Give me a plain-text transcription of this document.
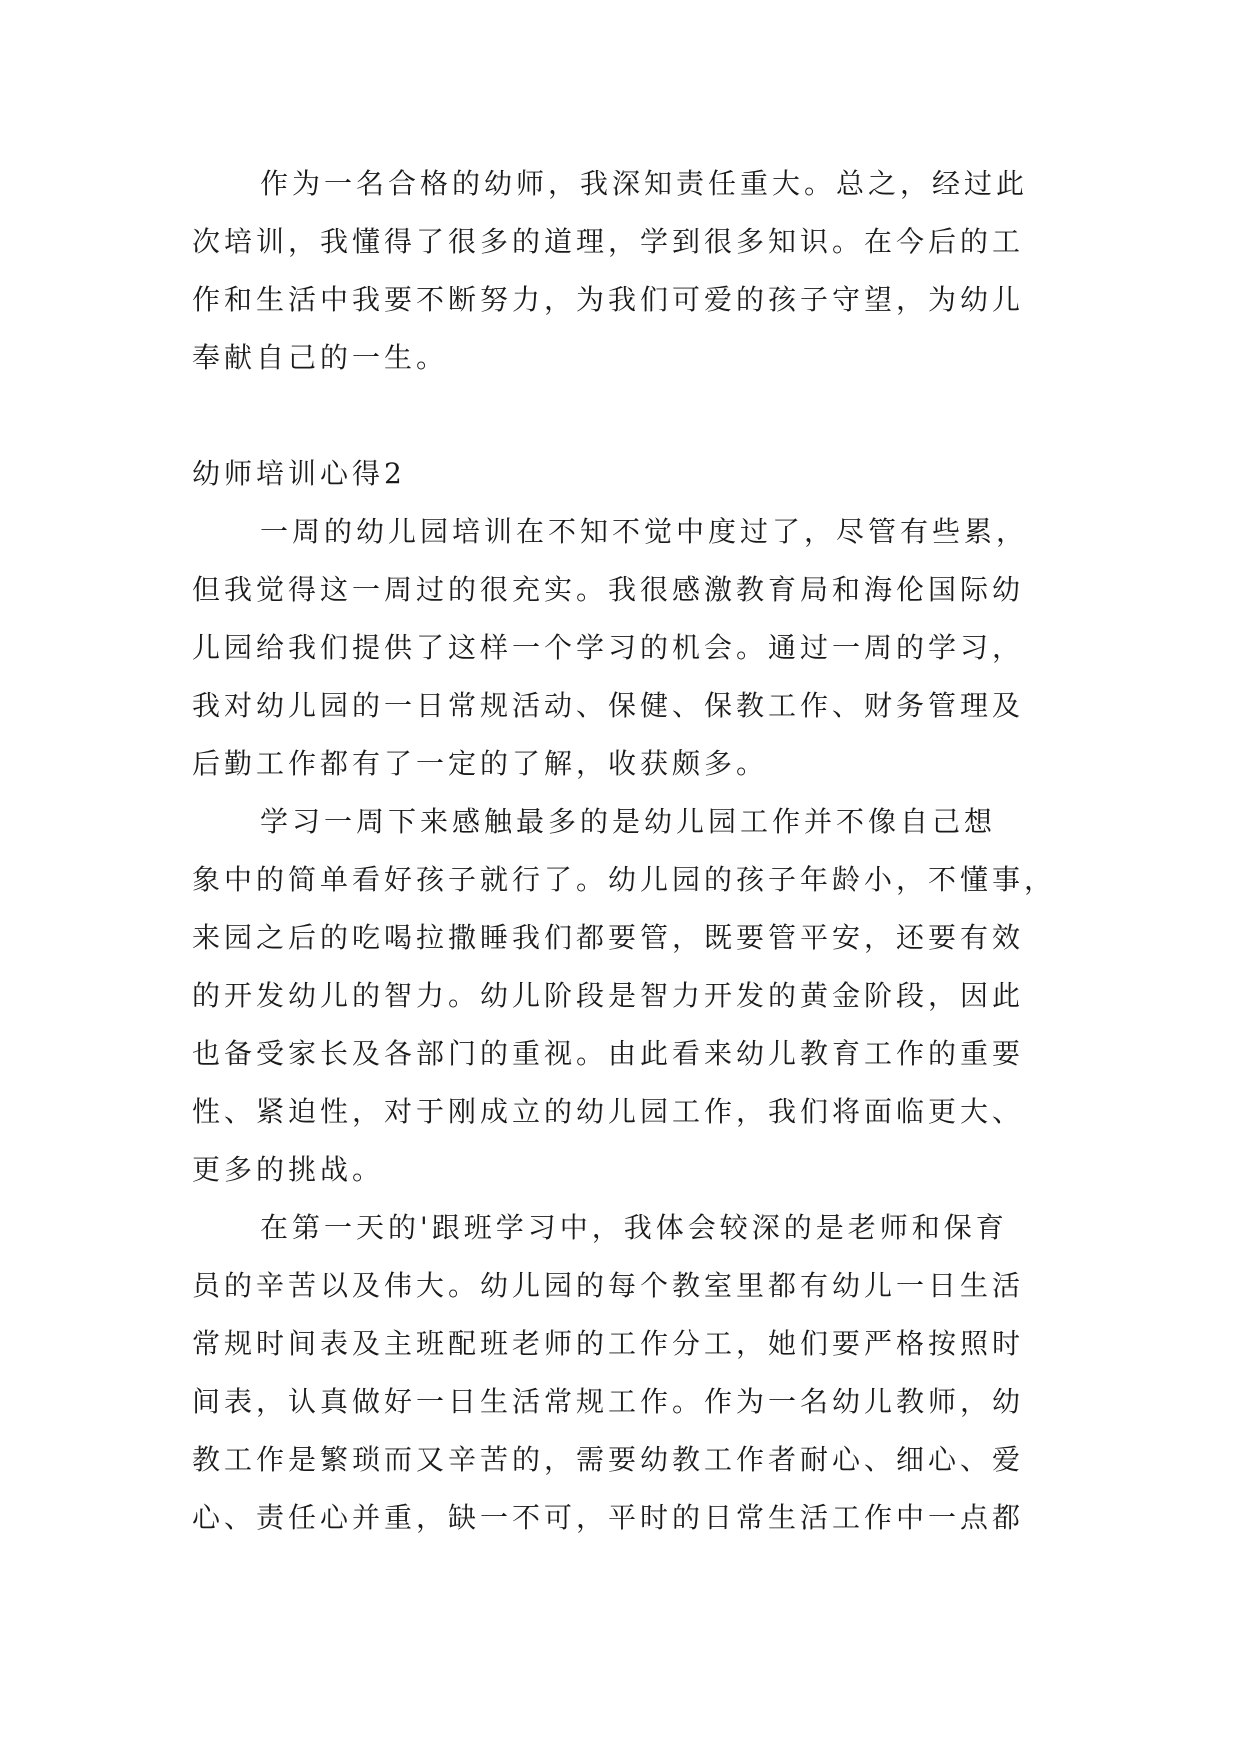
作为一名合格的幼师，我深知责任重大。总之，经过此
次培训，我懂得了很多的道理，学到很多知识。在今后的工
作和生活中我要不断努力，为我们可爱的孩子守望，为幼儿
奉献自己的一生。
幼师培训心得2
一周的幼儿园培训在不知不觉中度过了，尽管有些累，
但我觉得这一周过的很充实。我很感激教育局和海伦国际幼
儿园给我们提供了这样一个学习的机会。通过一周的学习，
我对幼儿园的一日常规活动、保健、保教工作、财务管理及
后勤工作都有了一定的了解，收获颇多。
学习一周下来感触最多的是幼儿园工作并不像自己想
象中的简单看好孩子就行了。幼儿园的孩子年龄小，不懂事，
来园之后的吃喝拉撒睡我们都要管，既要管平安，还要有效
的开发幼儿的智力。幼儿阶段是智力开发的黄金阶段，因此
也备受家长及各部门的重视。由此看来幼儿教育工作的重要
性、紧迫性，对于刚成立的幼儿园工作，我们将面临更大、
更多的挑战。
在第一天的'跟班学习中，我体会较深的是老师和保育
员的辛苦以及伟大。幼儿园的每个教室里都有幼儿一日生活
常规时间表及主班配班老师的工作分工，她们要严格按照时
间表，认真做好一日生活常规工作。作为一名幼儿教师，幼
教工作是繁琐而又辛苦的，需要幼教工作者耐心、细心、爱
心、责任心并重，缺一不可，平时的日常生活工作中一点都
